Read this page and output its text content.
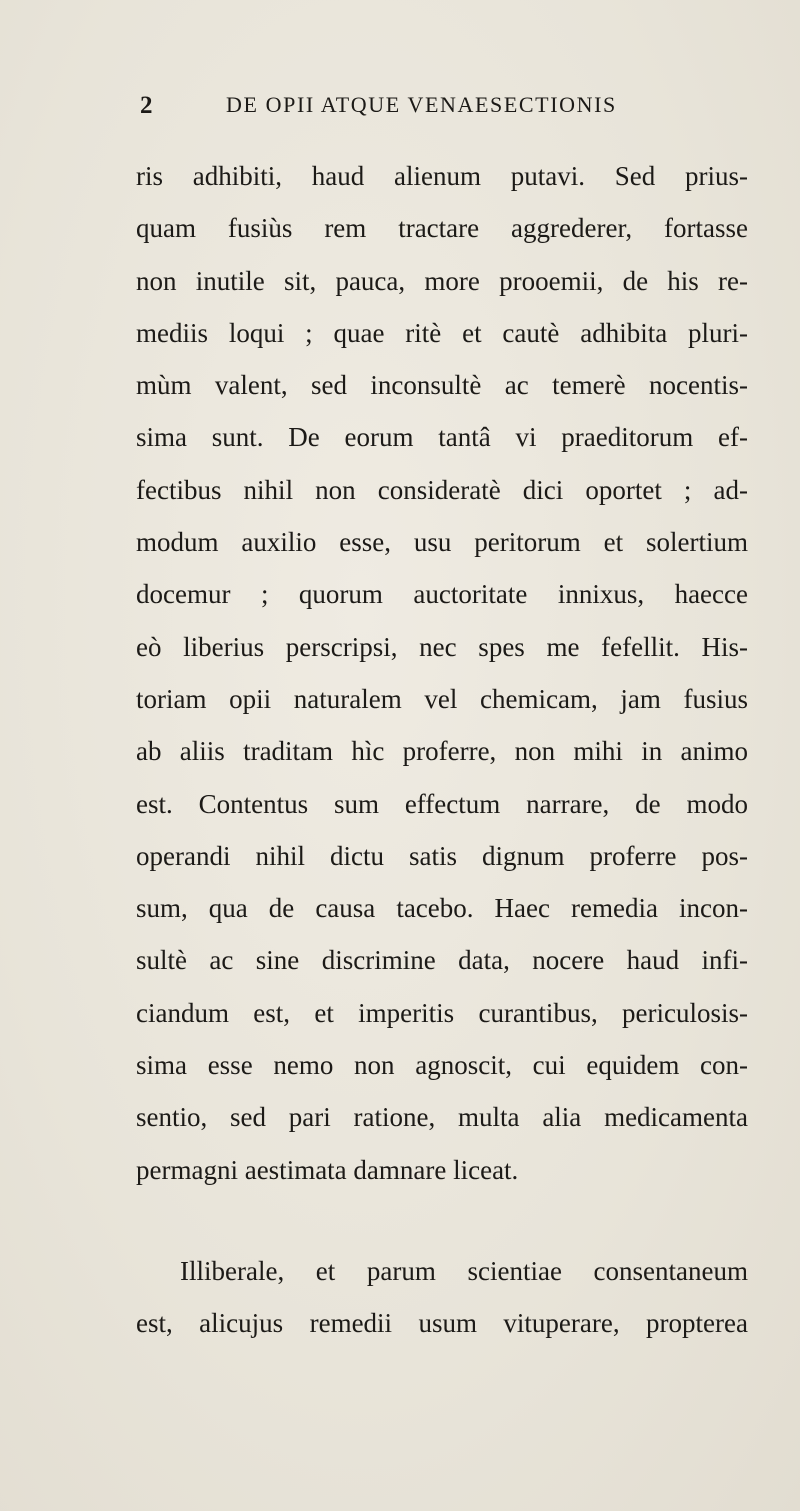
2	DE OPII ATQUE VENAESECTIONIS
ris adhibiti, haud alienum putavi. Sed prius-
quam fusiùs rem tractare aggrederer, fortasse
non inutile sit, pauca, more prooemii, de his re-
mediis loqui ; quae ritè et cautè adhibita pluri-
mùm valent, sed inconsultè ac temerè nocentis-
sima sunt. De eorum tantâ vi praeditorum ef-
fectibus nihil non consideratè dici oportet ; ad-
modum auxilio esse, usu peritorum et solertium
docemur ; quorum auctoritate innixus, haecce
eò liberius perscripsi, nec spes me fefellit. His-
toriam opii naturalem vel chemicam, jam fusius
ab aliis traditam hìc proferre, non mihi in animo
est. Contentus sum effectum narrare, de modo
operandi nihil dictu satis dignum proferre pos-
sum, qua de causa tacebo. Haec remedia incon-
sultè ac sine discrimine data, nocere haud infi-
ciandum est, et imperitis curantibus, periculosis-
sima esse nemo non agnoscit, cui equidem con-
sentio, sed pari ratione, multa alia medicamenta
permagni aestimata damnare liceat.
Illiberale, et parum scientiae consentaneum
est, alicujus remedii usum vituperare, propterea
